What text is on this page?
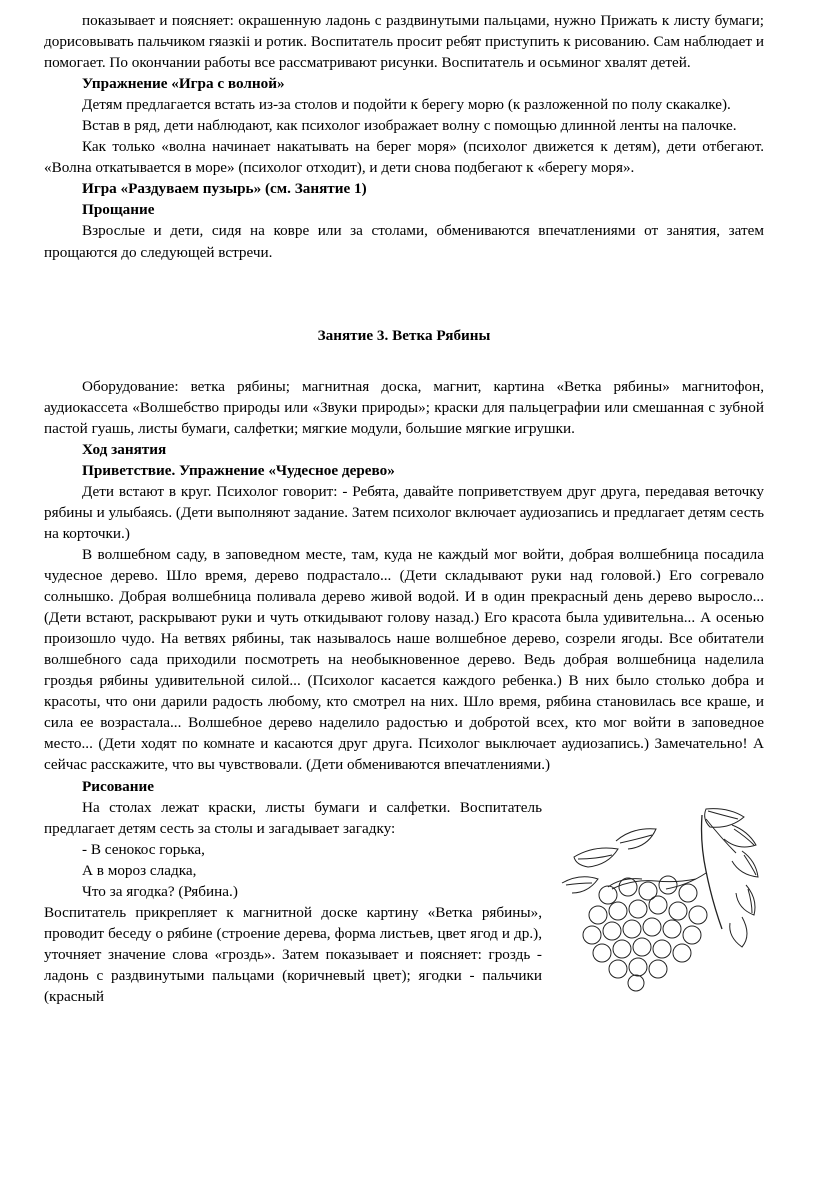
показывает и поясняет: окрашенную ладонь с раздвинутыми пальцами, нужно Прижать к листу бумаги; дорисовывать пальчиком гяазкіі и ротик. Воспитатель просит ребят приступить к рисованию. Сам наблюдает и помогает. По окончании работы все рассматривают рисунки. Воспитатель и осьминог хвалят детей.

Упражнение «Игра с волной»

Детям предлагается встать из-за столов и подойти к берегу морю (к разложенной по полу скакалке).

Встав в ряд, дети наблюдают, как психолог изображает волну с помощью длинной ленты на палочке.

Как только «волна начинает накатывать на берег моря» (психолог движется к детям), дети отбегают. «Волна откатывается в море» (психолог отходит), и дети снова подбегают к «берегу моря».

Игра «Раздуваем пузырь» (см. Занятие 1)

Прощание

Взрослые и дети, сидя на ковре или за столами, обмениваются впечатлениями от занятия, затем прощаются до следующей встречи.

Занятие 3. Ветка Рябины

Оборудование: ветка рябины; магнитная доска, магнит, картина «Ветка рябины» магнитофон, аудиокассета «Волшебство природы или «Звуки природы»; краски для пальцеграфии или смешанная с зубной пастой гуашь, листы бумаги, салфетки; мягкие модули, большие мягкие игрушки.

Ход занятия

Приветствие. Упражнение «Чудесное дерево»

Дети встают в круг. Психолог говорит: - Ребята, давайте поприветствуем друг друга, передавая веточку рябины и улыбаясь. (Дети выполняют задание. Затем психолог включает аудиозапись и предлагает детям сесть на корточки.)

В волшебном саду, в заповедном месте, там, куда не каждый мог войти, добрая волшебница посадила чудесное дерево. Шло время, дерево подрастало... (Дети складывают руки над головой.) Его согревало солнышко. Добрая волшебница поливала дерево живой водой. И в один прекрасный день дерево выросло... (Дети встают, раскрывают руки и чуть откидывают голову назад.) Его красота была удивительна... А осенью произошло чудо. На ветвях рябины, так называлось наше волшебное дерево, созрели ягоды. Все обитатели волшебного сада приходили посмотреть на необыкновенное дерево. Ведь добрая волшебница наделила гроздья рябины удивительной силой... (Психолог касается каждого ребенка.) В них было столько добра и красоты, что они дарили радость любому, кто смотрел на них. Шло время, рябина становилась все краше, и сила ее возрастала... Волшебное дерево наделило радостью и добротой всех, кто мог войти в заповедное место... (Дети ходят по комнате и касаются друг друга. Психолог выключает аудиозапись.) Замечательно! А сейчас расскажите, что вы чувствовали. (Дети обмениваются впечатлениями.)

Рисование

На столах лежат краски, листы бумаги и салфетки. Воспитатель предлагает детям сесть за столы и загадывает загадку:

- В сенокос горька,

А в мороз сладка,

Что за ягодка? (Рябина.)

Воспитатель прикрепляет к магнитной доске картину «Ветка рябины», проводит беседу о рябине (строение дерева, форма листьев, цвет ягод и др.), уточняет значение слова «гроздь». Затем показывает и поясняет: гроздь - ладонь с раздвинутыми пальцами (коричневый цвет); ягодки - пальчики (красный
